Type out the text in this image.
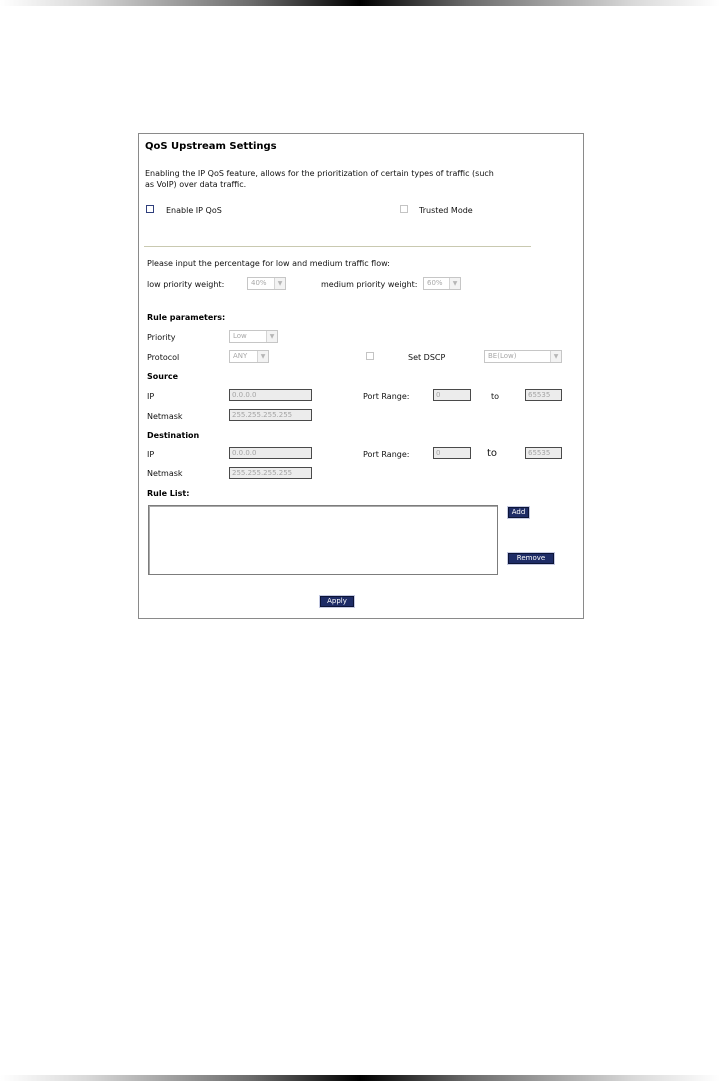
QoS Upstream Settings
Enabling the IP QoS feature, allows for the prioritization of certain types of traffic (such as VoIP) over data traffic.
Enable IP QoS	Trusted Mode
Please input the percentage for low and medium traffic flow:
low priority weight:	40%	▼	medium priority weight:	60%	▼
Rule parameters:
Priority	Low	▼
Protocol	ANY	▼	Set DSCP	BE(Low)	▼
Source
IP	0.0.0.0	Port Range:	0	to	65535
Netmask	255.255.255.255
Destination
IP	0.0.0.0	Port Range:	0	to	65535
Netmask	255.255.255.255
Rule List:
Add
Remove
Apply
